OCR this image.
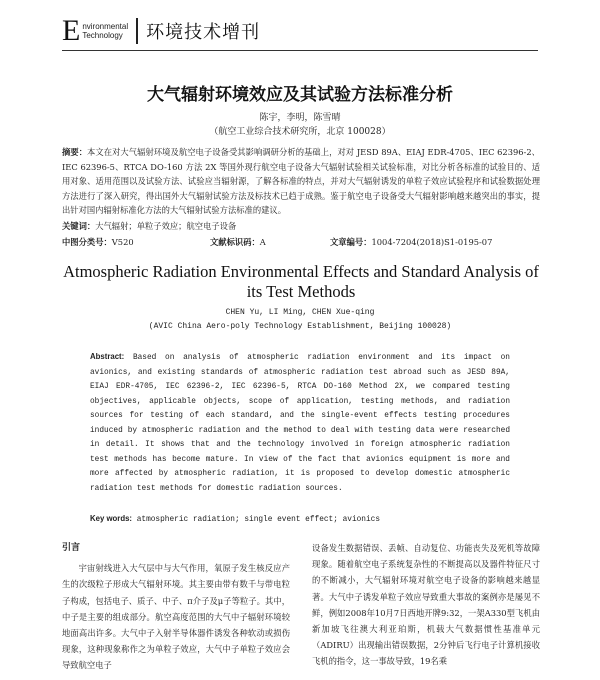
E nvironmental
Technology 环境技术增刊
大气辐射环境效应及其试验方法标准分析
陈宇，李明，陈雪晴
（航空工业综合技术研究所，北京 100028）
摘要：本文在对大气辐射环境及航空电子设备受其影响调研分析的基础上，对对 JESD 89A、EIAJ EDR-4705、IEC 62396-2、IEC 62396-5、RTCA DO-160 方法 2X 等国外现行航空电子设备大气辐射试验相关试验标准，对比分析各标准的试验目的、适用对象、适用范围以及试验方法、试验应当辐射源，了解各标准的特点，并对大气辐射诱发的单粒子效应试验程序和试验数据处理方法进行了深入研究，得出国外大气辐射试验方法及标技术已趋于成熟。鉴于航空电子设备受大气辐射影响越来越突出的事实，提出针对国内辐射标准化方法的大气辐射试验方法标准的建议。
关键词：大气辐射；单粒子效应；航空电子设备
中图分类号：V520	文献标识码：A	文章编号：1004-7204(2018)S1-0195-07
Atmospheric Radiation Environmental Effects and Standard Analysis of its Test Methods
CHEN Yu, LI Ming, CHEN Xue-qing
(AVIC China Aero-poly Technology Establishment, Beijing 100028)
Abstract: Based on analysis of atmospheric radiation environment and its impact on avionics, and existing standards of atmospheric radiation test abroad such as JESD 89A, EIAJ EDR-4705, IEC 62396-2, IEC 62396-5, RTCA DO-160 Method 2X, we compared testing objectives, applicable objects, scope of application, testing methods, and radiation sources for testing of each standard, and the single-event effects testing procedures induced by atmospheric radiation and the method to deal with testing data were researched in detail. It shows that and the technology involved in foreign atmospheric radiation test methods has become mature. In view of the fact that avionics equipment is more and more affected by atmospheric radiation, it is proposed to develop domestic atmospheric radiation test methods for domestic radiation sources.
Key words: atmospheric radiation; single event effect; avionics
引言

宇宙射线进入大气层中与大气作用，氧原子发生核反应产生的次级粒子形成大气辐射环境。其主要由带有数千与带电粒子构成，包括电子、质子、中子、π介子及μ子等粒子。其中，中子是主要的组成部分。航空高度范围的大气中子辐射环境较地面高出许多。大气中子入射半导体器件诱发各种软动或损伤现象，这种现象称作之为单粒子效应，大气中子单粒子效应会导致航空电子

设备发生数据错误、丢帧、自动复位、功能丧失及死机等故障现象。随着航空电子系统复杂性的不断提高以及器件特征尺寸的不断减小，大气辐射环境对航空电子设备的影响越来越显著。大气中子诱发单粒子效应导致重大事故的案例亦是屡见不鲜，例如2008年10月7日西地开牌9:32，一架A330型飞机由新加坡飞往澳大利亚珀斯，机载大气数据惯性基准单元（ADIRU）出现输出错误数据，2分钟后飞行电子计算机接收飞机的指令，这一事故导致，19名乘
